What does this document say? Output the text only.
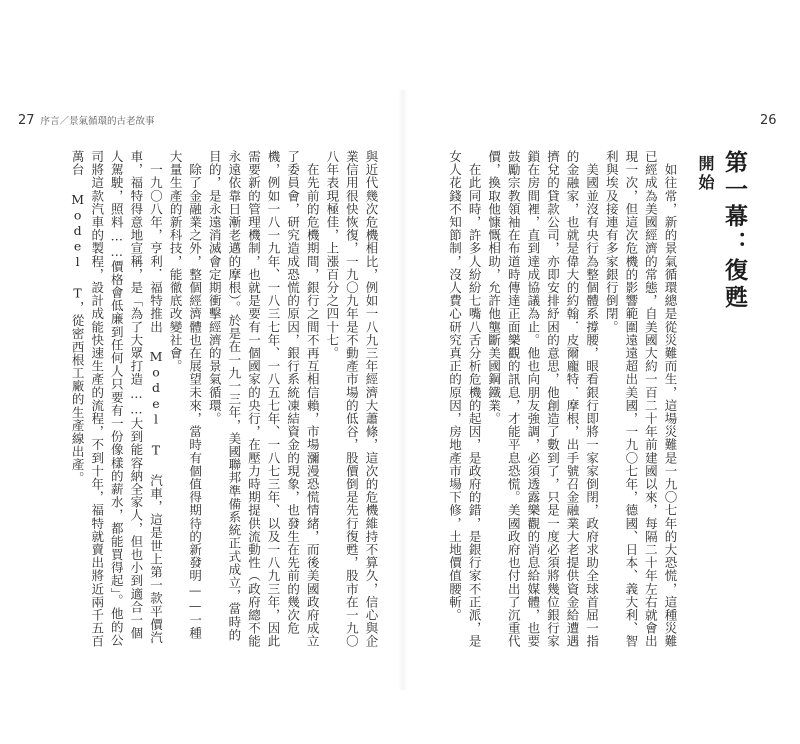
27 序言／景氣循環的古老故事	26
與近代幾次危機相比，例如一八九三年經濟大蕭條，這次的危機維持不算久，信心與企業信用很快恢復，一九〇九年是不動產市場的低谷，股價倒是先行復甦，股市在一九〇八年表現極佳，上漲百分之四十七。
　在先前的危機期間，銀行之間不再互相信賴，市場瀰漫恐慌情緒，而後美國政府成立了委員會，研究造成恐慌的原因，銀行系統凍結資金的現象，也發生在先前的幾次危機，例如一八一九年、一八三七年、一八五七年、一八七三年、以及一八九三年，因此需要新的管理機制，也就是要有一個國家的央行，在壓力時期提供流動性（政府總不能永遠依靠日漸老邁的摩根）。於是在一九一三年，美國聯邦準備系統正式成立，當時的目的，是永遠消滅會定期衝擊經濟的景氣循環。
　除了金融業之外，整個經濟體也在展望未來，當時有個值得期待的新發明——一種大量生產的新科技，能徹底改變社會。
　一九〇八年，亨利．福特推出 Model T 汽車，這是世上第一款平價汽車，福特得意地宣稱，是「為了大眾打造……大到能容納全家人，但也小到適合一個人駕駛，照料……價格會低廉到任何人只要有一份像樣的薪水，都能買得起」。他的公司將這款汽車的製程，設計成能快速生產的流程，不到十年，福特就賣出將近兩千五百萬台 Model T，從密西根工廠的生產線出產。
第一幕：復甦
開始
　如往常，新的景氣循環總是從災難而生，這場災難是一九〇七年的大恐慌，這種災難已經成為美國經濟的常態，自美國大約一百二十年前建國以來，每隔二十年左右就會出現一次，但這次危機的影響範圍遠遠超出美國，一九〇七年，德國、日本、義大利、智利與埃及接連有多家銀行倒閉。
　美國並沒有央行為整個體系撐腰，眼看銀行即將一家家倒閉，政府求助全球首屈一指的金融家，也就是偉大的約翰．皮爾龐特．摩根，出手號召金融業大老提供資金給遭遇擠兌的貸款公司，亦即安排紓困的意思，他創造了數到了，只是一度必須將幾位銀行家鎖在房間裡，直到達成協議為止。他也向朋友強調，必須透露樂觀的消息給媒體，也要鼓勵宗教領袖在布道時傳達正面樂觀的訊息，才能平息恐慌。美國政府也付出了沉重代價，換取他慷慨相助，允許他壟斷美國鋼鐵業。
　在此同時，許多人紛紛七嘴八舌分析危機的起因，是政府的錯，是銀行家不正派，是女人花錢不知節制，沒人費心研究真正的原因，房地產市場下修，土地價值腰斬。
